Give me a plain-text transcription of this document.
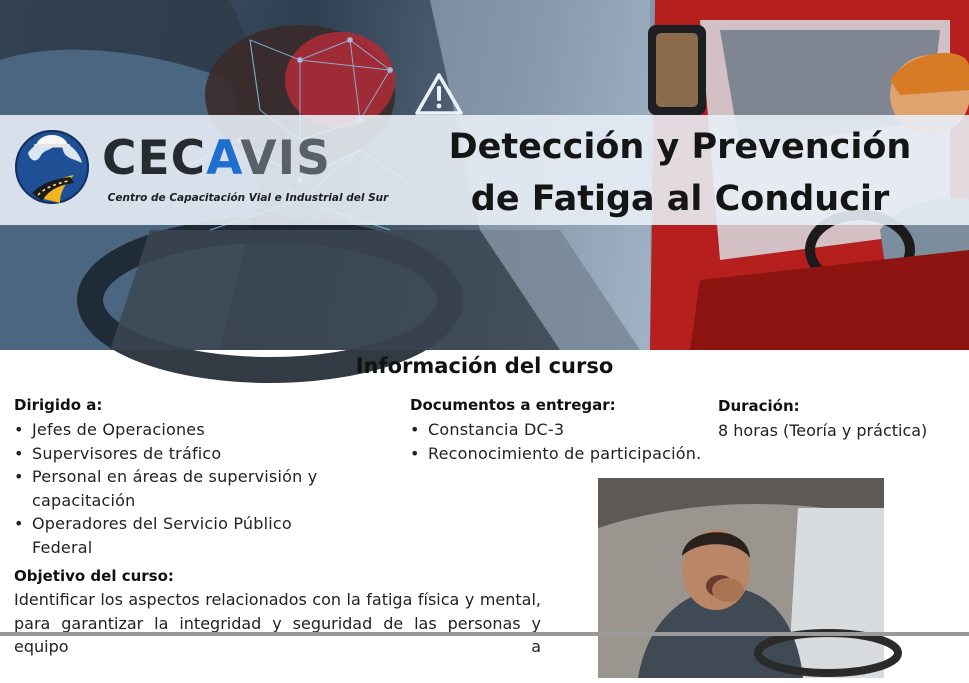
CECAVIS
Centro de Capacitación Vial e Industrial del Sur
Detección y Prevención
de Fatiga al Conducir
Información del curso
Dirigido a:
• Jefes de Operaciones
• Supervisores de tráfico
• Personal en áreas de supervisión y capacitación
• Operadores del Servicio Público Federal
Documentos a entregar:
• Constancia DC-3
• Reconocimiento de participación.
Duración:

8 horas (Teoría y práctica)

Objetivo del curso:

Identificar los aspectos relacionados con la fatiga física y mental, para garantizar la integridad y seguridad de las personas y equipo a
